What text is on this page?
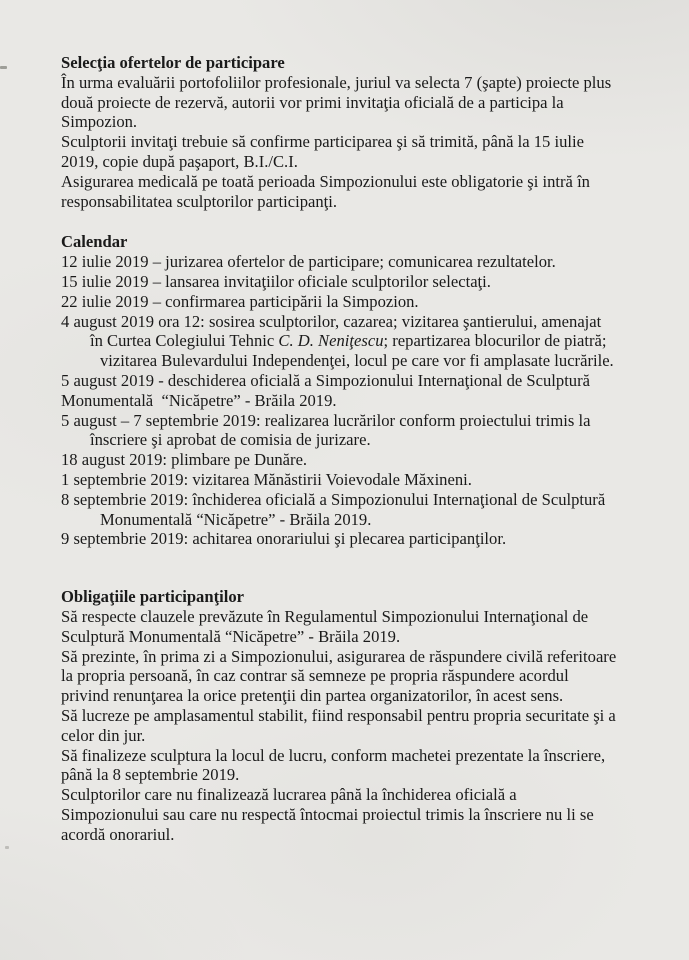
Selecţia ofertelor de participare
În urma evaluării portofoliilor profesionale, juriul va selecta 7 (şapte) proiecte plus
două proiecte de rezervă, autorii vor primi invitaţia oficială de a participa la
Simpozion.
Sculptorii invitaţi trebuie să confirme participarea şi să trimită, până la 15 iulie
2019, copie după paşaport, B.I./C.I.
Asigurarea medicală pe toată perioada Simpozionului este obligatorie şi intră în
responsabilitatea sculptorilor participanţi.
Calendar
12 iulie 2019 – jurizarea ofertelor de participare; comunicarea rezultatelor.
15 iulie 2019 – lansarea invitaţiilor oficiale sculptorilor selectaţi.
22 iulie 2019 – confirmarea participării la Simpozion.
4 august 2019 ora 12: sosirea sculptorilor, cazarea; vizitarea şantierului, amenajat
în Curtea Colegiului Tehnic C. D. Neniţescu; repartizarea blocurilor de piatră;
vizitarea Bulevardului Independenţei, locul pe care vor fi amplasate lucrările.
5 august 2019 - deschiderea oficială a Simpozionului Internaţional de Sculptură
Monumentală  “Nicăpetre” - Brăila 2019.
5 august – 7 septembrie 2019: realizarea lucrărilor conform proiectului trimis la
înscriere şi aprobat de comisia de jurizare.
18 august 2019: plimbare pe Dunăre.
1 septembrie 2019: vizitarea Mănăstirii Voievodale Măxineni.
8 septembrie 2019: închiderea oficială a Simpozionului Internaţional de Sculptură
Monumentală “Nicăpetre” - Brăila 2019.
9 septembrie 2019: achitarea onorariului şi plecarea participanţilor.
Obligaţiile participanţilor
Să respecte clauzele prevăzute în Regulamentul Simpozionului Internaţional de
Sculptură Monumentală “Nicăpetre” - Brăila 2019.
Să prezinte, în prima zi a Simpozionului, asigurarea de răspundere civilă referitoare
la propria persoană, în caz contrar să semneze pe propria răspundere acordul
privind renunţarea la orice pretenţii din partea organizatorilor, în acest sens.
Să lucreze pe amplasamentul stabilit, fiind responsabil pentru propria securitate şi a
celor din jur.
Să finalizeze sculptura la locul de lucru, conform machetei prezentate la înscriere,
până la 8 septembrie 2019.
Sculptorilor care nu finalizează lucrarea până la închiderea oficială a
Simpozionului sau care nu respectă întocmai proiectul trimis la înscriere nu li se
acordă onorariul.
